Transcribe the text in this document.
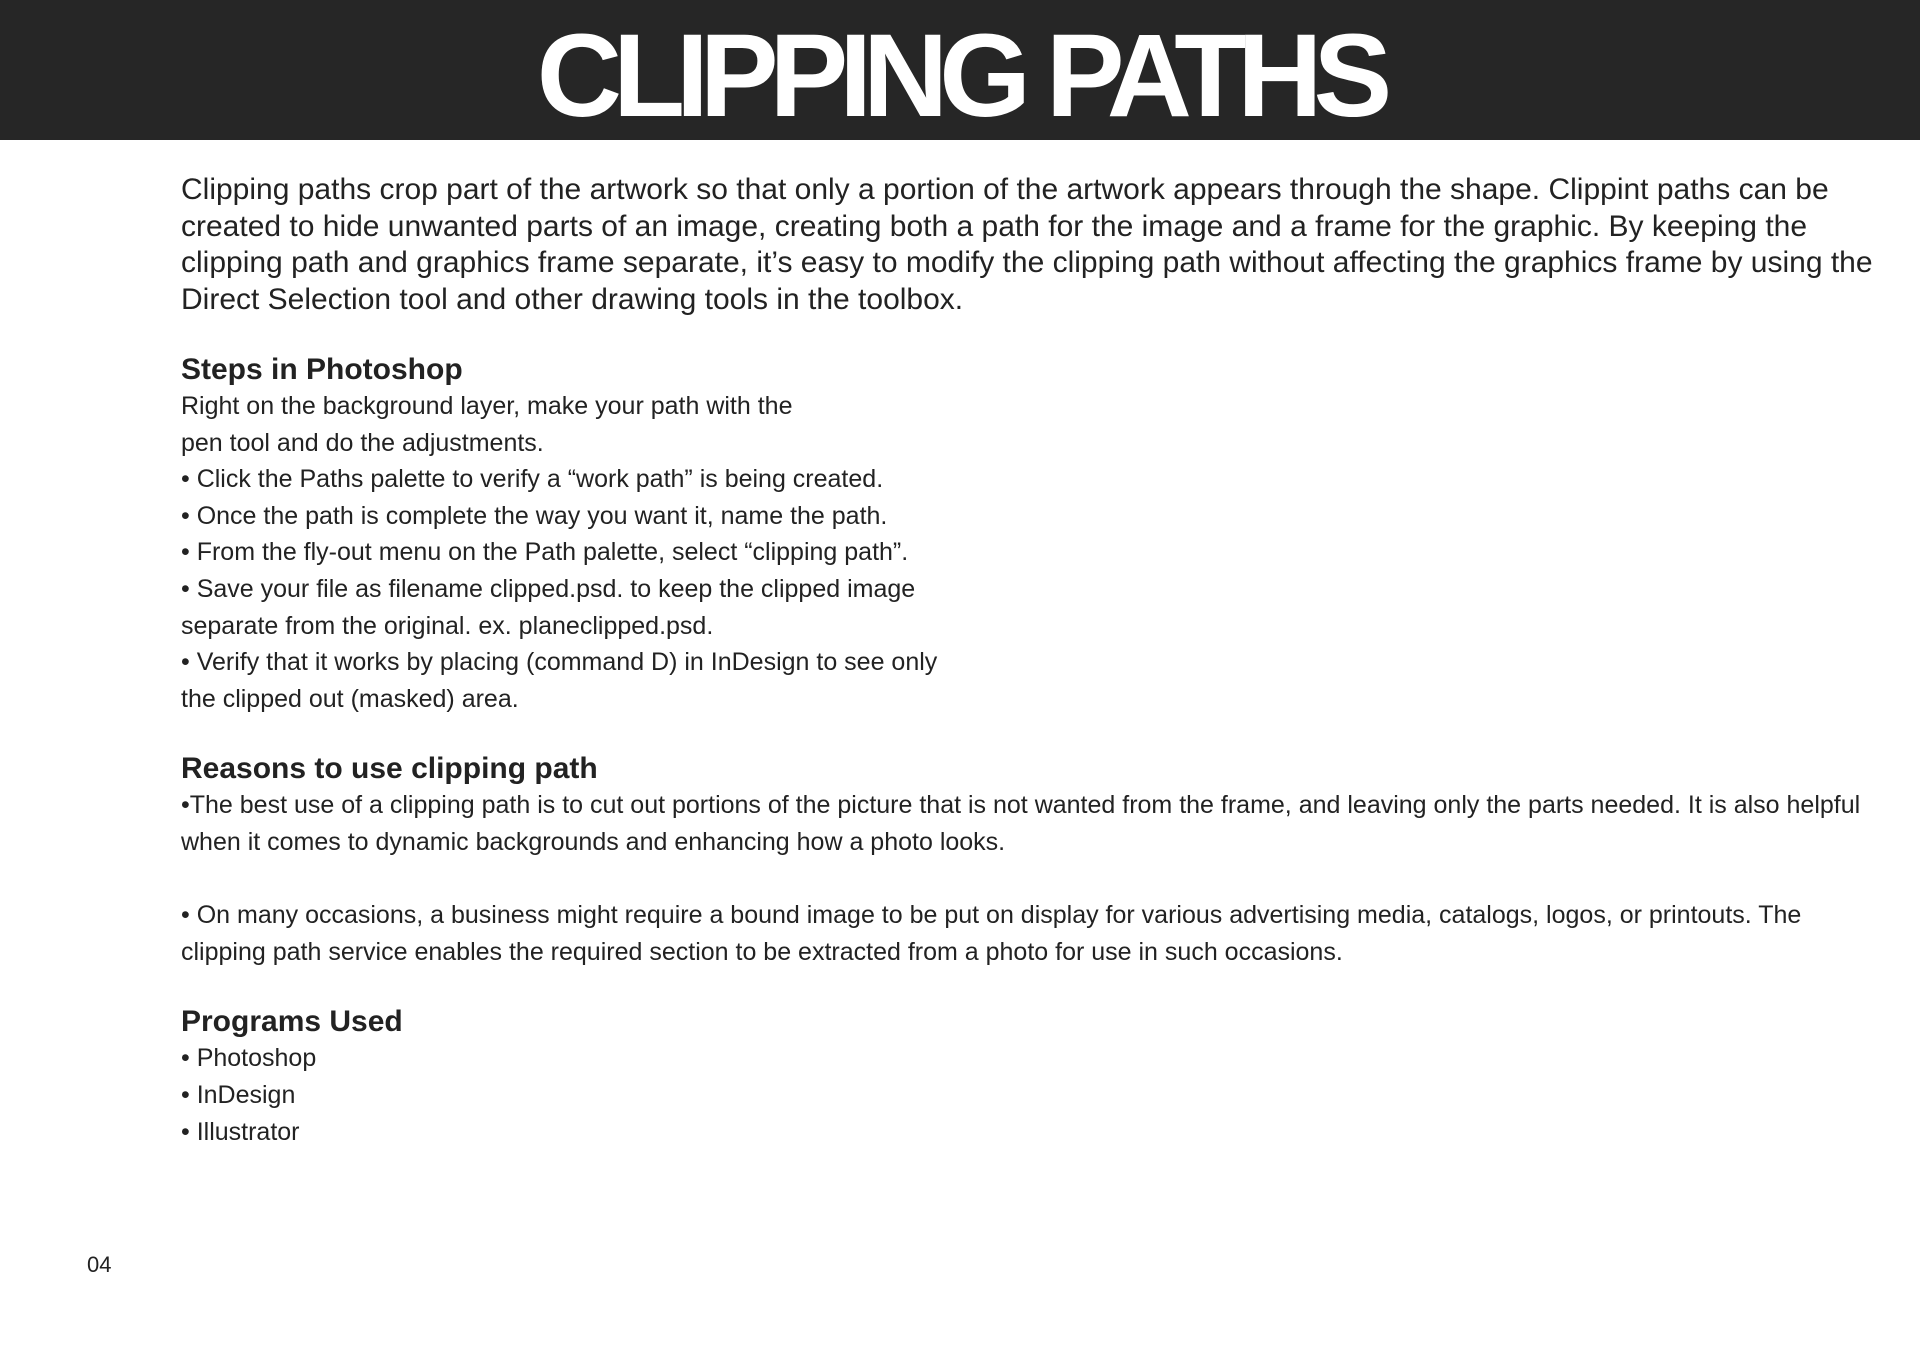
CLIPPING PATHS

Clipping paths crop part of the artwork so that only a portion of the artwork appears through the shape. Clippint paths can be created to hide unwanted parts of an image, creating both a path for the image and a frame for the graphic. By keeping the clipping path and graphics frame separate, it’s easy to modify the clipping path without affecting the graphics frame by using the Direct Selection tool and other drawing tools in the toolbox.

Steps in Photoshop

Right on the background layer, make your path with the

pen tool and do the adjustments.

• Click the Paths palette to verify a “work path” is being created.

• Once the path is complete the way you want it, name the path.

• From the fly-out menu on the Path palette, select “clipping path”.

• Save your file as filename clipped.psd. to keep the clipped image

separate from the original. ex. planeclipped.psd.

• Verify that it works by placing (command D) in InDesign to see only

the clipped out (masked) area.

Reasons to use clipping path

•The best use of a clipping path is to cut out portions of the picture that is not wanted from the frame, and leaving only the parts needed. It is also helpful when it comes to dynamic backgrounds and enhancing how a photo looks.

• On many occasions, a business might require a bound image to be put on display for various advertising media, catalogs, logos, or printouts. The clipping path service enables the required section to be extracted from a photo for use in such occasions.

Programs Used

• Photoshop

• InDesign

• Illustrator

04
